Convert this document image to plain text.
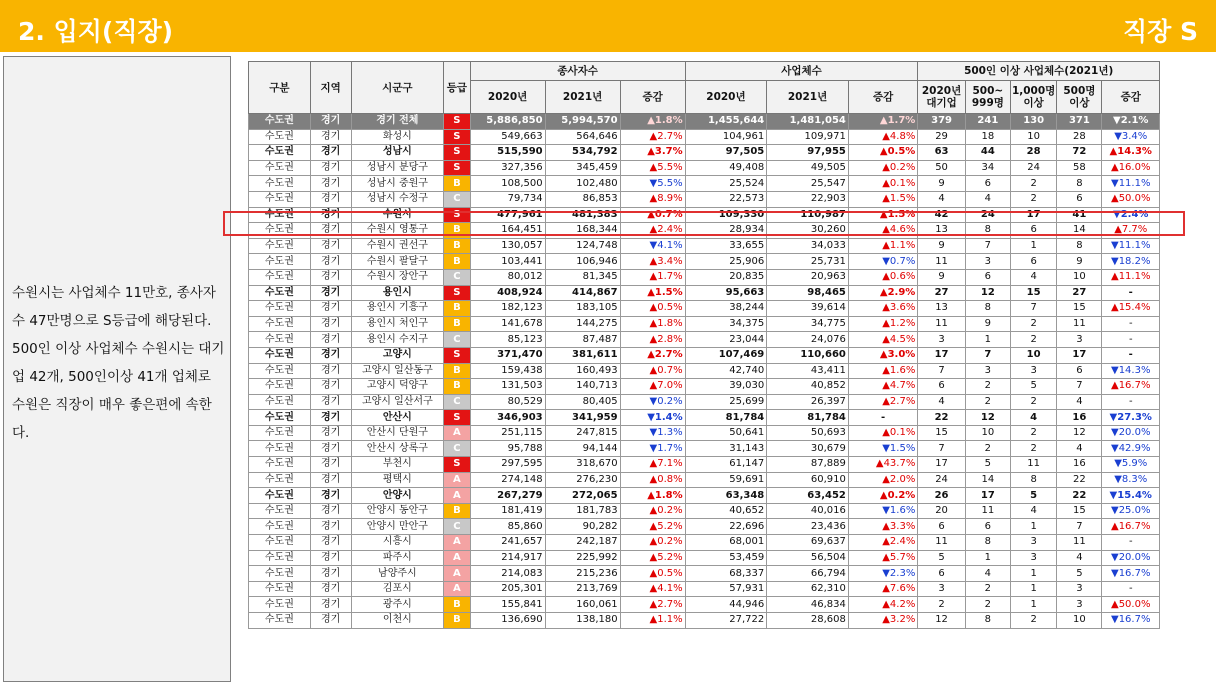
2. 입지(직장)	직장 S

수원시는 사업체수 11만호, 종사자수 47만명으로 S등급에 해당된다.

500인 이상 사업체수 수원시는 대기업 42개, 500인이상 41개 업체로 수원은 직장이 매우 좋은편에 속한다.

구분	지역	시군구	등급	종사자수			사업체수			500인 이상 사업체수(2021년)				
				2020년	2021년	증감	2020년	2021년	증감	2020년 대기업	500~ 999명	1,000명 이상	500명 이상	증감
수도권	경기	경기 전체	S	5,886,850	5,994,570	▲1.8%	1,455,644	1,481,054	▲1.7%	379	241	130	371	▼2.1%
수도권	경기	화성시	S	549,663	564,646	▲2.7%	104,961	109,971	▲4.8%	29	18	10	28	▼3.4%
수도권	경기	성남시	S	515,590	534,792	▲3.7%	97,505	97,955	▲0.5%	63	44	28	72	▲14.3%
수도권	경기	성남시 분당구	S	327,356	345,459	▲5.5%	49,408	49,505	▲0.2%	50	34	24	58	▲16.0%
수도권	경기	성남시 중원구	B	108,500	102,480	▼5.5%	25,524	25,547	▲0.1%	9	6	2	8	▼11.1%
수도권	경기	성남시 수정구	C	79,734	86,853	▲8.9%	22,573	22,903	▲1.5%	4	4	2	6	▲50.0%
수도권	경기	수원시	S	477,961	481,383	▲0.7%	109,330	110,987	▲1.5%	42	24	17	41	▼2.4%
수도권	경기	수원시 영통구	B	164,451	168,344	▲2.4%	28,934	30,260	▲4.6%	13	8	6	14	▲7.7%
수도권	경기	수원시 권선구	B	130,057	124,748	▼4.1%	33,655	34,033	▲1.1%	9	7	1	8	▼11.1%
수도권	경기	수원시 팔달구	B	103,441	106,946	▲3.4%	25,906	25,731	▼0.7%	11	3	6	9	▼18.2%
수도권	경기	수원시 장안구	C	80,012	81,345	▲1.7%	20,835	20,963	▲0.6%	9	6	4	10	▲11.1%
수도권	경기	용인시	S	408,924	414,867	▲1.5%	95,663	98,465	▲2.9%	27	12	15	27	-
수도권	경기	용인시 기흥구	B	182,123	183,105	▲0.5%	38,244	39,614	▲3.6%	13	8	7	15	▲15.4%
수도권	경기	용인시 처인구	B	141,678	144,275	▲1.8%	34,375	34,775	▲1.2%	11	9	2	11	-
수도권	경기	용인시 수지구	C	85,123	87,487	▲2.8%	23,044	24,076	▲4.5%	3	1	2	3	-
수도권	경기	고양시	S	371,470	381,611	▲2.7%	107,469	110,660	▲3.0%	17	7	10	17	-
수도권	경기	고양시 일산동구	B	159,438	160,493	▲0.7%	42,740	43,411	▲1.6%	7	3	3	6	▼14.3%
수도권	경기	고양시 덕양구	B	131,503	140,713	▲7.0%	39,030	40,852	▲4.7%	6	2	5	7	▲16.7%
수도권	경기	고양시 일산서구	C	80,529	80,405	▼0.2%	25,699	26,397	▲2.7%	4	2	2	4	-
수도권	경기	안산시	S	346,903	341,959	▼1.4%	81,784	81,784	-	22	12	4	16	▼27.3%
수도권	경기	안산시 단원구	A	251,115	247,815	▼1.3%	50,641	50,693	▲0.1%	15	10	2	12	▼20.0%
수도권	경기	안산시 상록구	C	95,788	94,144	▼1.7%	31,143	30,679	▼1.5%	7	2	2	4	▼42.9%
수도권	경기	부천시	S	297,595	318,670	▲7.1%	61,147	87,889	▲43.7%	17	5	11	16	▼5.9%
수도권	경기	평택시	A	274,148	276,230	▲0.8%	59,691	60,910	▲2.0%	24	14	8	22	▼8.3%
수도권	경기	안양시	A	267,279	272,065	▲1.8%	63,348	63,452	▲0.2%	26	17	5	22	▼15.4%
수도권	경기	안양시 동안구	B	181,419	181,783	▲0.2%	40,652	40,016	▼1.6%	20	11	4	15	▼25.0%
수도권	경기	안양시 만안구	C	85,860	90,282	▲5.2%	22,696	23,436	▲3.3%	6	6	1	7	▲16.7%
수도권	경기	시흥시	A	241,657	242,187	▲0.2%	68,001	69,637	▲2.4%	11	8	3	11	-
수도권	경기	파주시	A	214,917	225,992	▲5.2%	53,459	56,504	▲5.7%	5	1	3	4	▼20.0%
수도권	경기	남양주시	A	214,083	215,236	▲0.5%	68,337	66,794	▼2.3%	6	4	1	5	▼16.7%
수도권	경기	김포시	A	205,301	213,769	▲4.1%	57,931	62,310	▲7.6%	3	2	1	3	-
수도권	경기	광주시	B	155,841	160,061	▲2.7%	44,946	46,834	▲4.2%	2	2	1	3	▲50.0%
수도권	경기	이천시	B	136,690	138,180	▲1.1%	27,722	28,608	▲3.2%	12	8	2	10	▼16.7%
